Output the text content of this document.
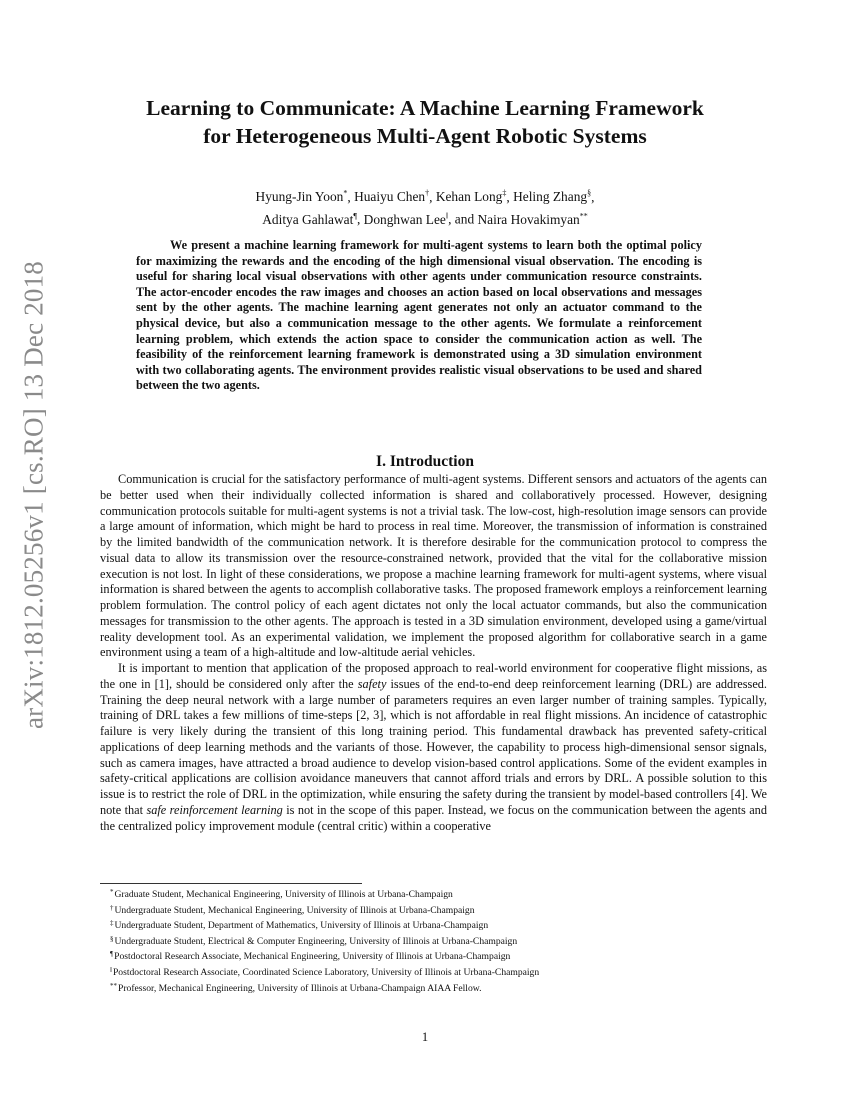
arXiv:1812.05256v1 [cs.RO] 13 Dec 2018
Learning to Communicate: A Machine Learning Framework
for Heterogeneous Multi-Agent Robotic Systems
Hyung-Jin Yoon*, Huaiyu Chen†, Kehan Long‡, Heling Zhang§,
Aditya Gahlawat¶, Donghwan Lee‖, and Naira Hovakimyan**

We present a machine learning framework for multi-agent systems to learn both the optimal policy for maximizing the rewards and the encoding of the high dimensional visual observation. The encoding is useful for sharing local visual observations with other agents under communication resource constraints. The actor-encoder encodes the raw images and chooses an action based on local observations and messages sent by the other agents. The machine learning agent generates not only an actuator command to the physical device, but also a communication message to the other agents. We formulate a reinforcement learning problem, which extends the action space to consider the communication action as well. The feasibility of the reinforcement learning framework is demonstrated using a 3D simulation environment with two collaborating agents. The environment provides realistic visual observations to be used and shared between the two agents.

I. Introduction

Communication is crucial for the satisfactory performance of multi-agent systems. Different sensors and actuators of the agents can be better used when their individually collected information is shared and collaboratively processed. However, designing communication protocols suitable for multi-agent systems is not a trivial task. The low-cost, high-resolution image sensors can provide a large amount of information, which might be hard to process in real time. Moreover, the transmission of information is constrained by the limited bandwidth of the communication network. It is therefore desirable for the communication protocol to compress the visual data to allow its transmission over the resource-constrained network, provided that the vital for the collaborative mission execution is not lost. In light of these considerations, we propose a machine learning framework for multi-agent systems, where visual information is shared between the agents to accomplish collaborative tasks. The proposed framework employs a reinforcement learning problem formulation. The control policy of each agent dictates not only the local actuator commands, but also the communication messages for transmission to the other agents. The approach is tested in a 3D simulation environment, developed using a game/virtual reality development tool. As an experimental validation, we implement the proposed algorithm for collaborative search in a game environment using a team of a high-altitude and low-altitude aerial vehicles.

It is important to mention that application of the proposed approach to real-world environment for cooperative flight missions, as the one in [1], should be considered only after the safety issues of the end-to-end deep reinforcement learning (DRL) are addressed. Training the deep neural network with a large number of parameters requires an even larger number of training samples. Typically, training of DRL takes a few millions of time-steps [2, 3], which is not affordable in real flight missions. An incidence of catastrophic failure is very likely during the transient of this long training period. This fundamental drawback has prevented safety-critical applications of deep learning methods and the variants of those. However, the capability to process high-dimensional sensor signals, such as camera images, have attracted a broad audience to develop vision-based control applications. Some of the evident examples in safety-critical applications are collision avoidance maneuvers that cannot afford trials and errors by DRL. A possible solution to this issue is to restrict the role of DRL in the optimization, while ensuring the safety during the transient by model-based controllers [4]. We note that safe reinforcement learning is not in the scope of this paper. Instead, we focus on the communication between the agents and the centralized policy improvement module (central critic) within a cooperative

*Graduate Student, Mechanical Engineering, University of Illinois at Urbana-Champaign

†Undergraduate Student, Mechanical Engineering, University of Illinois at Urbana-Champaign

‡Undergraduate Student, Department of Mathematics, University of Illinois at Urbana-Champaign

§Undergraduate Student, Electrical & Computer Engineering, University of Illinois at Urbana-Champaign

¶Postdoctoral Research Associate, Mechanical Engineering, University of Illinois at Urbana-Champaign

‖Postdoctoral Research Associate, Coordinated Science Laboratory, University of Illinois at Urbana-Champaign

**Professor, Mechanical Engineering, University of Illinois at Urbana-Champaign AIAA Fellow.

1
